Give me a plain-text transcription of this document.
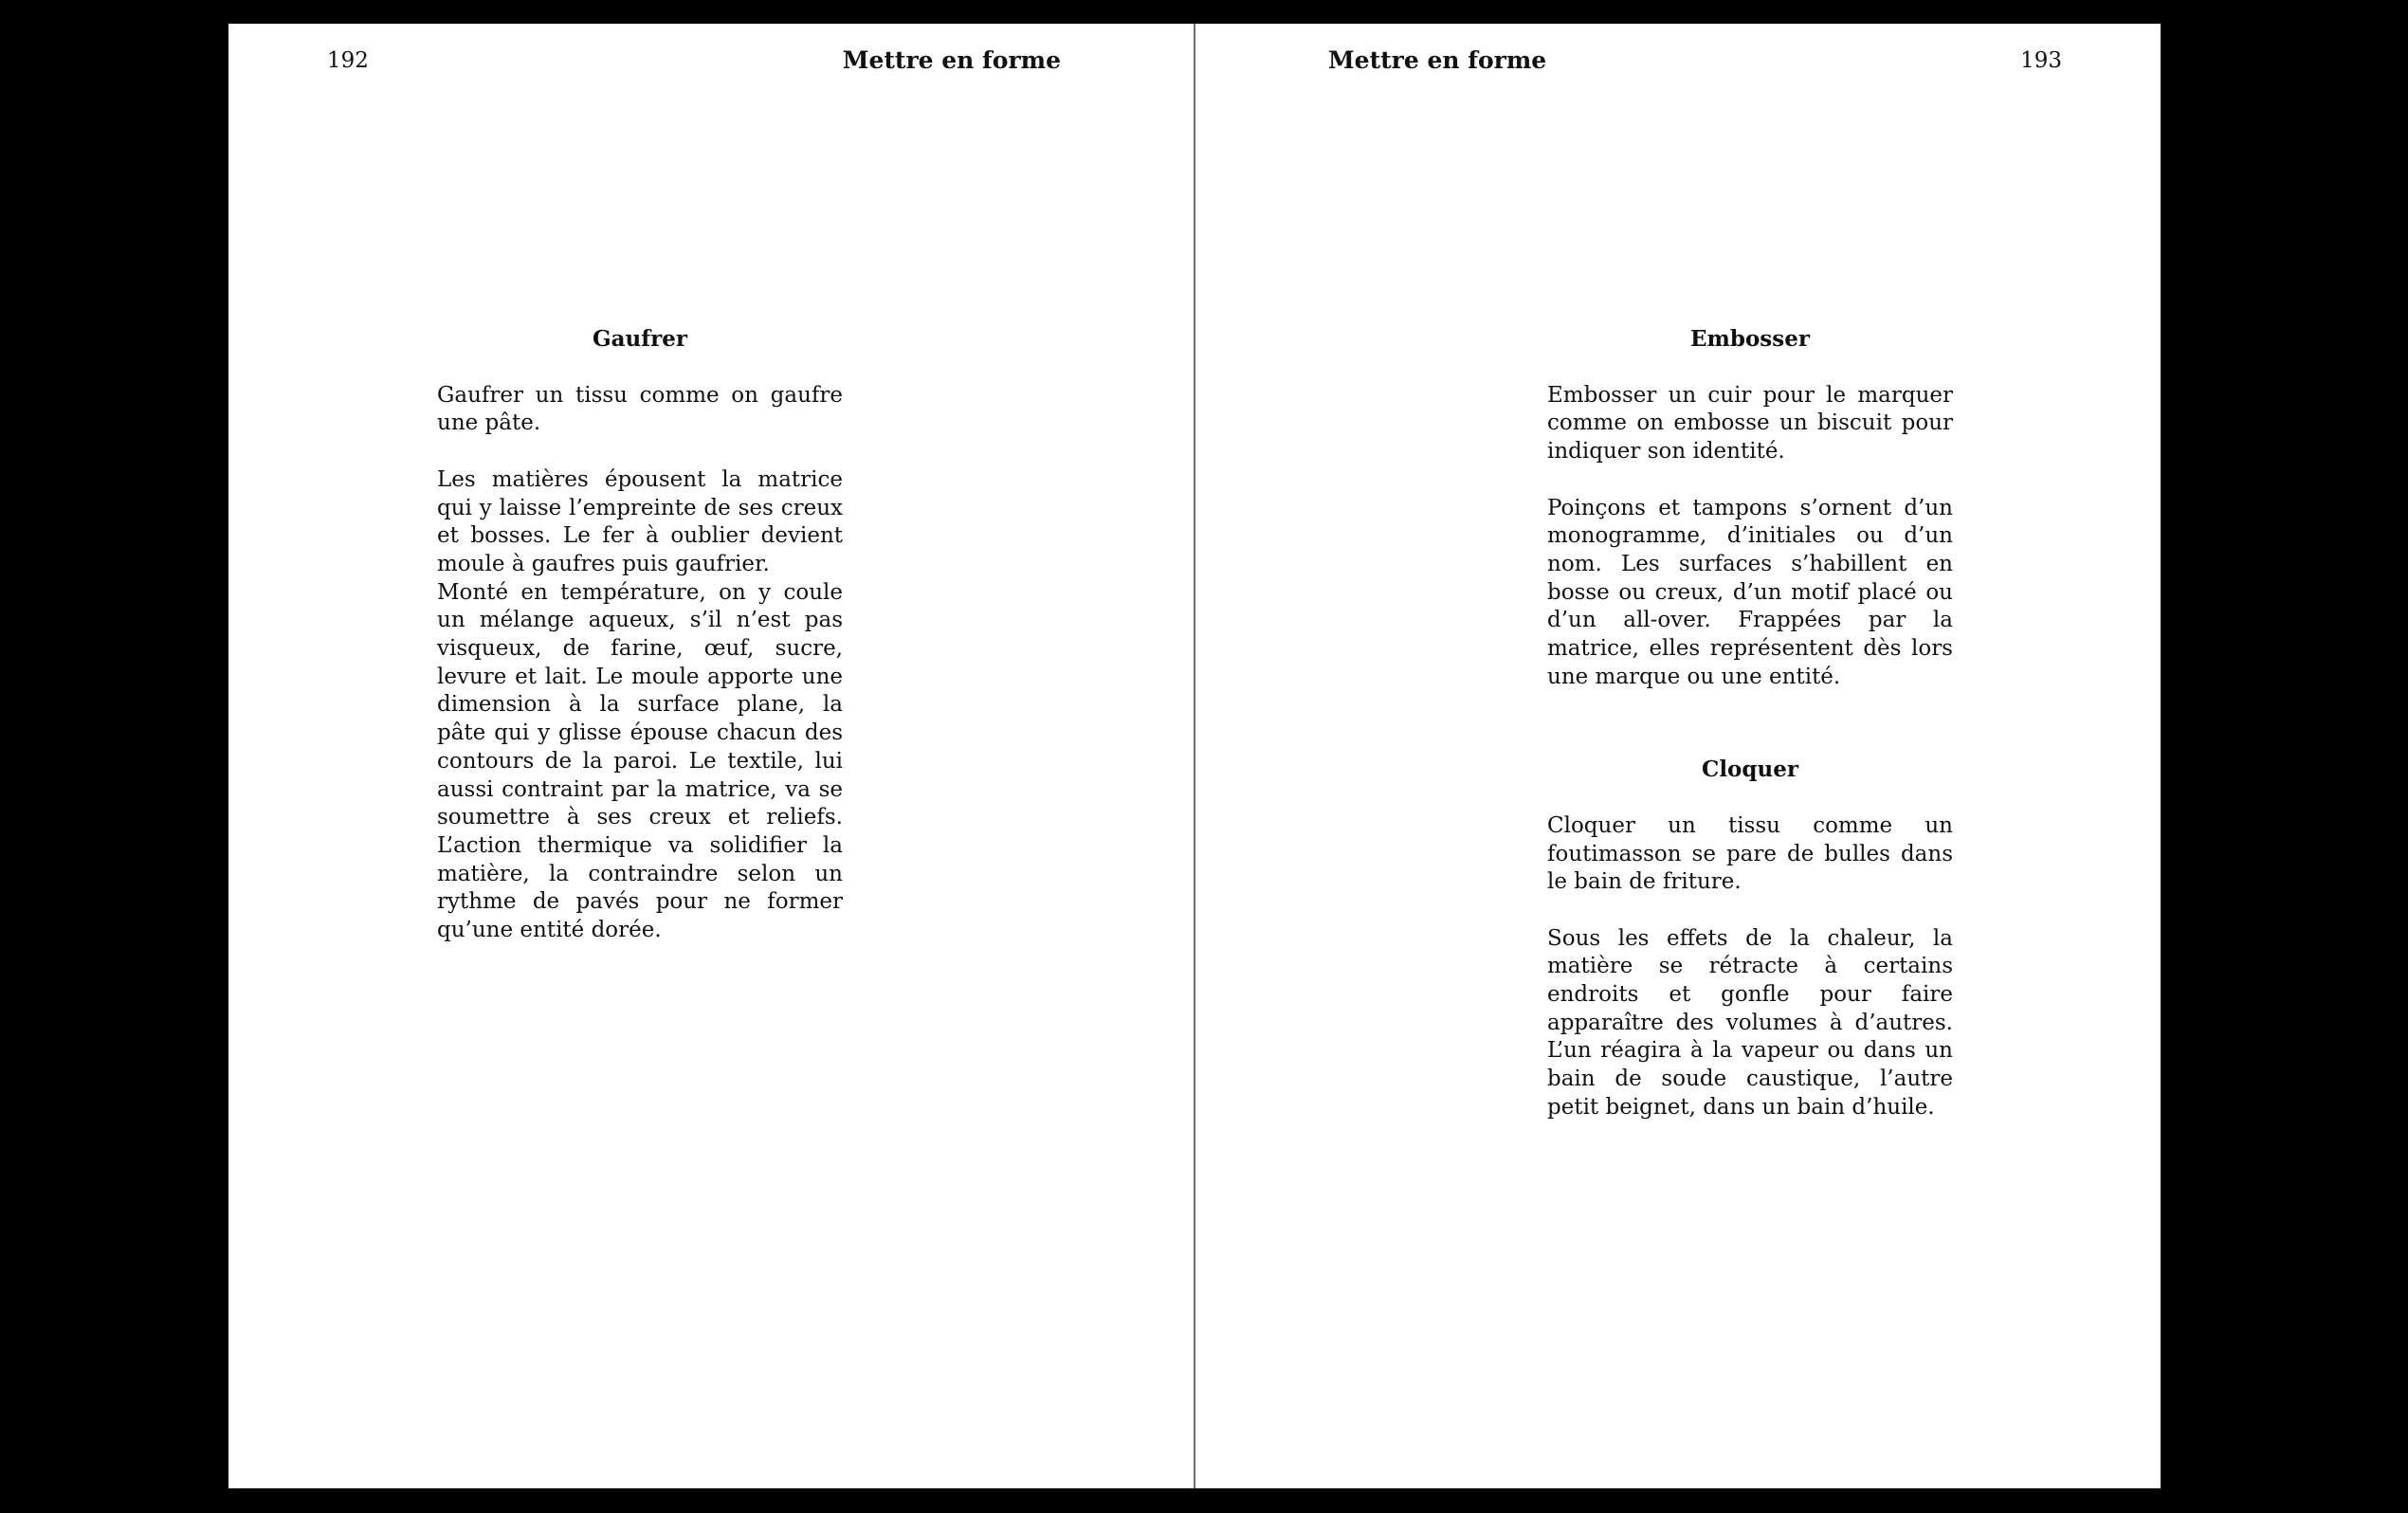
192	Mettre en forme
Gaufrer
Gaufrer un tissu comme on gaufre une pâte.
Les matières épousent la matrice qui y laisse l’empreinte de ses creux et bosses. Le fer à oublier devient moule à gaufres puis gaufrier.
Monté en température, on y coule un mélange aqueux, s’il n’est pas visqueux, de farine, œuf, sucre, levure et lait. Le moule apporte une dimension à la surface plane, la pâte qui y glisse épouse chacun des contours de la paroi. Le textile, lui aussi contraint par la matrice, va se soumettre à ses creux et reliefs. L’action thermique va solidifier la matière, la contraindre selon un rythme de pavés pour ne former qu’une entité dorée.
Mettre en forme	193
Embosser
Embosser un cuir pour le marquer comme on embosse un biscuit pour indiquer son identité.
Poinçons et tampons s’ornent d’un monogramme, d’initiales ou d’un nom. Les surfaces s’habillent en bosse ou creux, d’un motif placé ou d’un all-over. Frappées par la matrice, elles représentent dès lors une marque ou une entité.
Cloquer
Cloquer un tissu comme un foutimasson se pare de bulles dans le bain de friture.
Sous les effets de la chaleur, la matière se rétracte à certains endroits et gonfle pour faire apparaître des volumes à d’autres. L’un réagira à la vapeur ou dans un bain de soude caustique, l’autre petit beignet, dans un bain d’huile.
